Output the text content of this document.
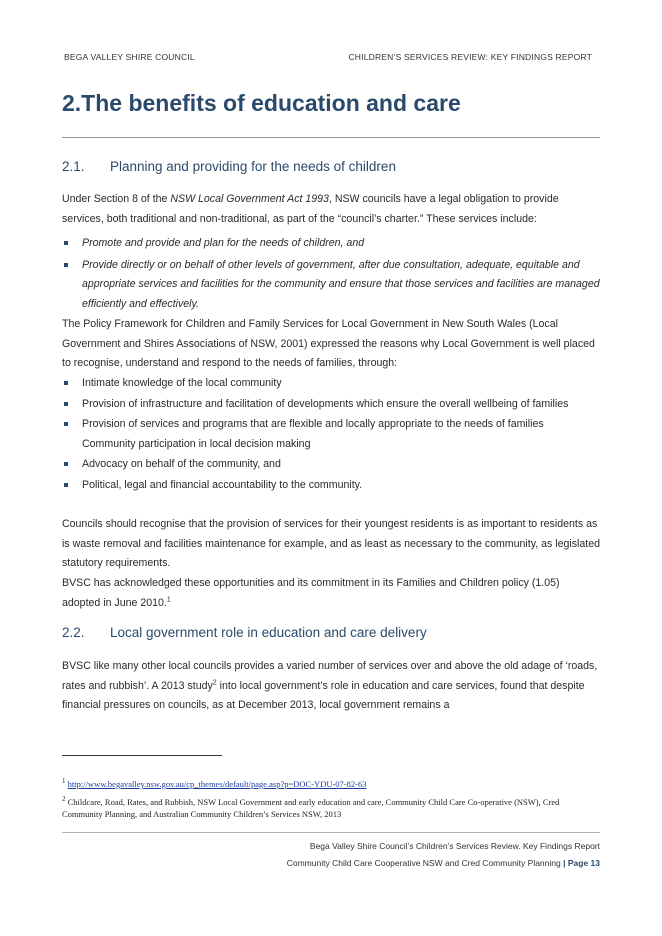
BEGA VALLEY SHIRE COUNCIL	CHILDREN’S SERVICES REVIEW: KEY FINDINGS REPORT
2.The benefits of education and care
2.1. Planning and providing for the needs of children

Under Section 8 of the NSW Local Government Act 1993, NSW councils have a legal obligation to provide services, both traditional and non-traditional, as part of the “council’s charter.” These services include:

Promote and provide and plan for the needs of children, and
Provide directly or on behalf of other levels of government, after due consultation, adequate, equitable and appropriate services and facilities for the community and ensure that those services and facilities are managed efficiently and effectively.

The Policy Framework for Children and Family Services for Local Government in New South Wales (Local Government and Shires Associations of NSW, 2001) expressed the reasons why Local Government is well placed to recognise, understand and respond to the needs of families, through:

Intimate knowledge of the local community
Provision of infrastructure and facilitation of developments which ensure the overall wellbeing of families
Provision of services and programs that are flexible and locally appropriate to the needs of families Community participation in local decision making
Advocacy on behalf of the community, and
Political, legal and financial accountability to the community.

Councils should recognise that the provision of services for their youngest residents is as important to residents as is waste removal and facilities maintenance for example, and as least as necessary to the community, as legislated statutory requirements.

BVSC has acknowledged these opportunities and its commitment in its Families and Children policy (1.05) adopted in June 2010.$^1$

2.2. Local government role in education and care delivery

BVSC like many other local councils provides a varied number of services over and above the old adage of ‘roads, rates and rubbish’. A 2013 study$^2$ into local government’s role in education and care services, found that despite financial pressures on councils, as at December 2013, local government remains a

$^1$ http://www.begavalley.nsw.gov.au/cp_themes/default/page.asp?p=DOC-YDU-07-82-63
$^2$ Childcare, Road, Rates, and Rubbish, NSW Local Government and early education and care, Community Child Care Co-operative (NSW), Cred Community Planning, and Australian Community Children’s Services NSW, 2013
Bega Valley Shire Council’s Children’s Services Review. Key Findings Report
Community Child Care Cooperative NSW and Cred Community Planning | Page 13
